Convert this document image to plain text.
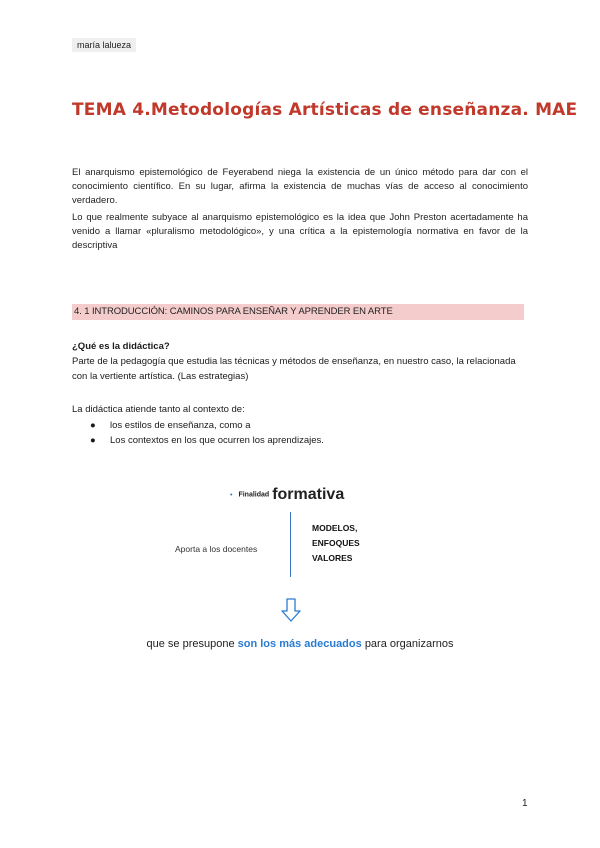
maría lalueza
TEMA 4.Metodologías Artísticas de enseñanza. MAE

El anarquismo epistemológico de Feyerabend niega la existencia de un único método para dar con el conocimiento científico. En su lugar, afirma la existencia de muchas vías de acceso al conocimiento verdadero.

Lo que realmente subyace al anarquismo epistemológico es la idea que John Preston acertadamente ha venido a llamar «pluralismo metodológico», y una crítica a la epistemología normativa en favor de la descriptiva

4. 1 INTRODUCCIÓN: CAMINOS PARA ENSEÑAR Y APRENDER EN ARTE
¿Qué es la didáctica?
Parte de la pedagogía que estudia las técnicas y métodos de enseñanza, en nuestro caso, la relacionada con la vertiente artística. (Las estrategias)
La didáctica atiende tanto al contexto de:
● los estilos de enseñanza, como a
● Los contextos en los que ocurren los aprendizajes.
• Finalidad formativa
Aporta a los docentes
MODELOS,
ENFOQUES
VALORES
que se presupone son los más adecuados para organizarnos
1
